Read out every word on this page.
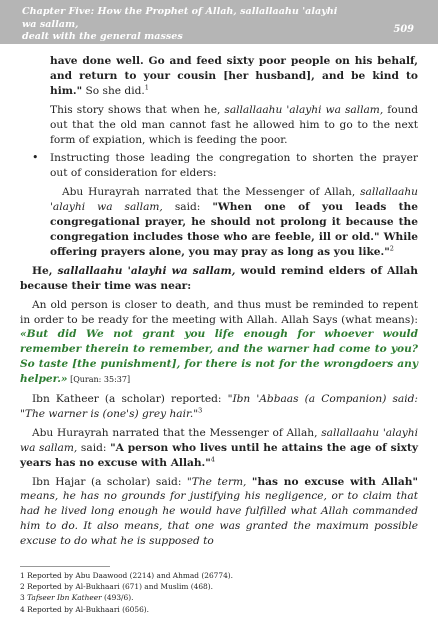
Chapter Five: How the Prophet of Allah, sallallaahu 'alayhi wa sallam,
dealt with the general masses
509

have done well. Go and feed sixty poor people on his behalf, and return to your cousin [her husband], and be kind to him." So she did.$^1$

This story shows that when he, sallallaahu 'alayhi wa sallam, found out that the old man cannot fast he allowed him to go to the next form of expiation, which is feeding the poor.

• Instructing those leading the congregation to shorten the prayer out of consideration for elders:

Abu Hurayrah narrated that the Messenger of Allah, sallallaahu 'alayhi wa sallam, said: "When one of you leads the congregational prayer, he should not prolong it because the congregation includes those who are feeble, ill or old." While offering prayers alone, you may pray as long as you like."$^2$

He, sallallaahu 'alayhi wa sallam, would remind elders of Allah because their time was near:

An old person is closer to death, and thus must be reminded to repent in order to be ready for the meeting with Allah. Allah Says (what means): «But did We not grant you life enough for whoever would remember therein to remember, and the warner had come to you? So taste [the punishment], for there is not for the wrongdoers any helper.» [Quran: 35:37]

Ibn Katheer (a scholar) reported: "Ibn 'Abbaas (a Companion) said: "The warner is (one's) grey hair."$^3$

Abu Hurayrah narrated that the Messenger of Allah, sallallaahu 'alayhi wa sallam, said: "A person who lives until he attains the age of sixty years has no excuse with Allah."$^4$

Ibn Hajar (a scholar) said: "The term, "has no excuse with Allah" means, he has no grounds for justifying his negligence, or to claim that had he lived long enough he would have fulfilled what Allah commanded him to do. It also means, that one was granted the maximum possible excuse to do what he is supposed to

1 Reported by Abu Daawood (2214) and Ahmad (26774).
2 Reported by Al-Bukhaari (671) and Muslim (468).
3 Tafseer Ibn Katheer (493/6).
4 Reported by Al-Bukhaari (6056).
